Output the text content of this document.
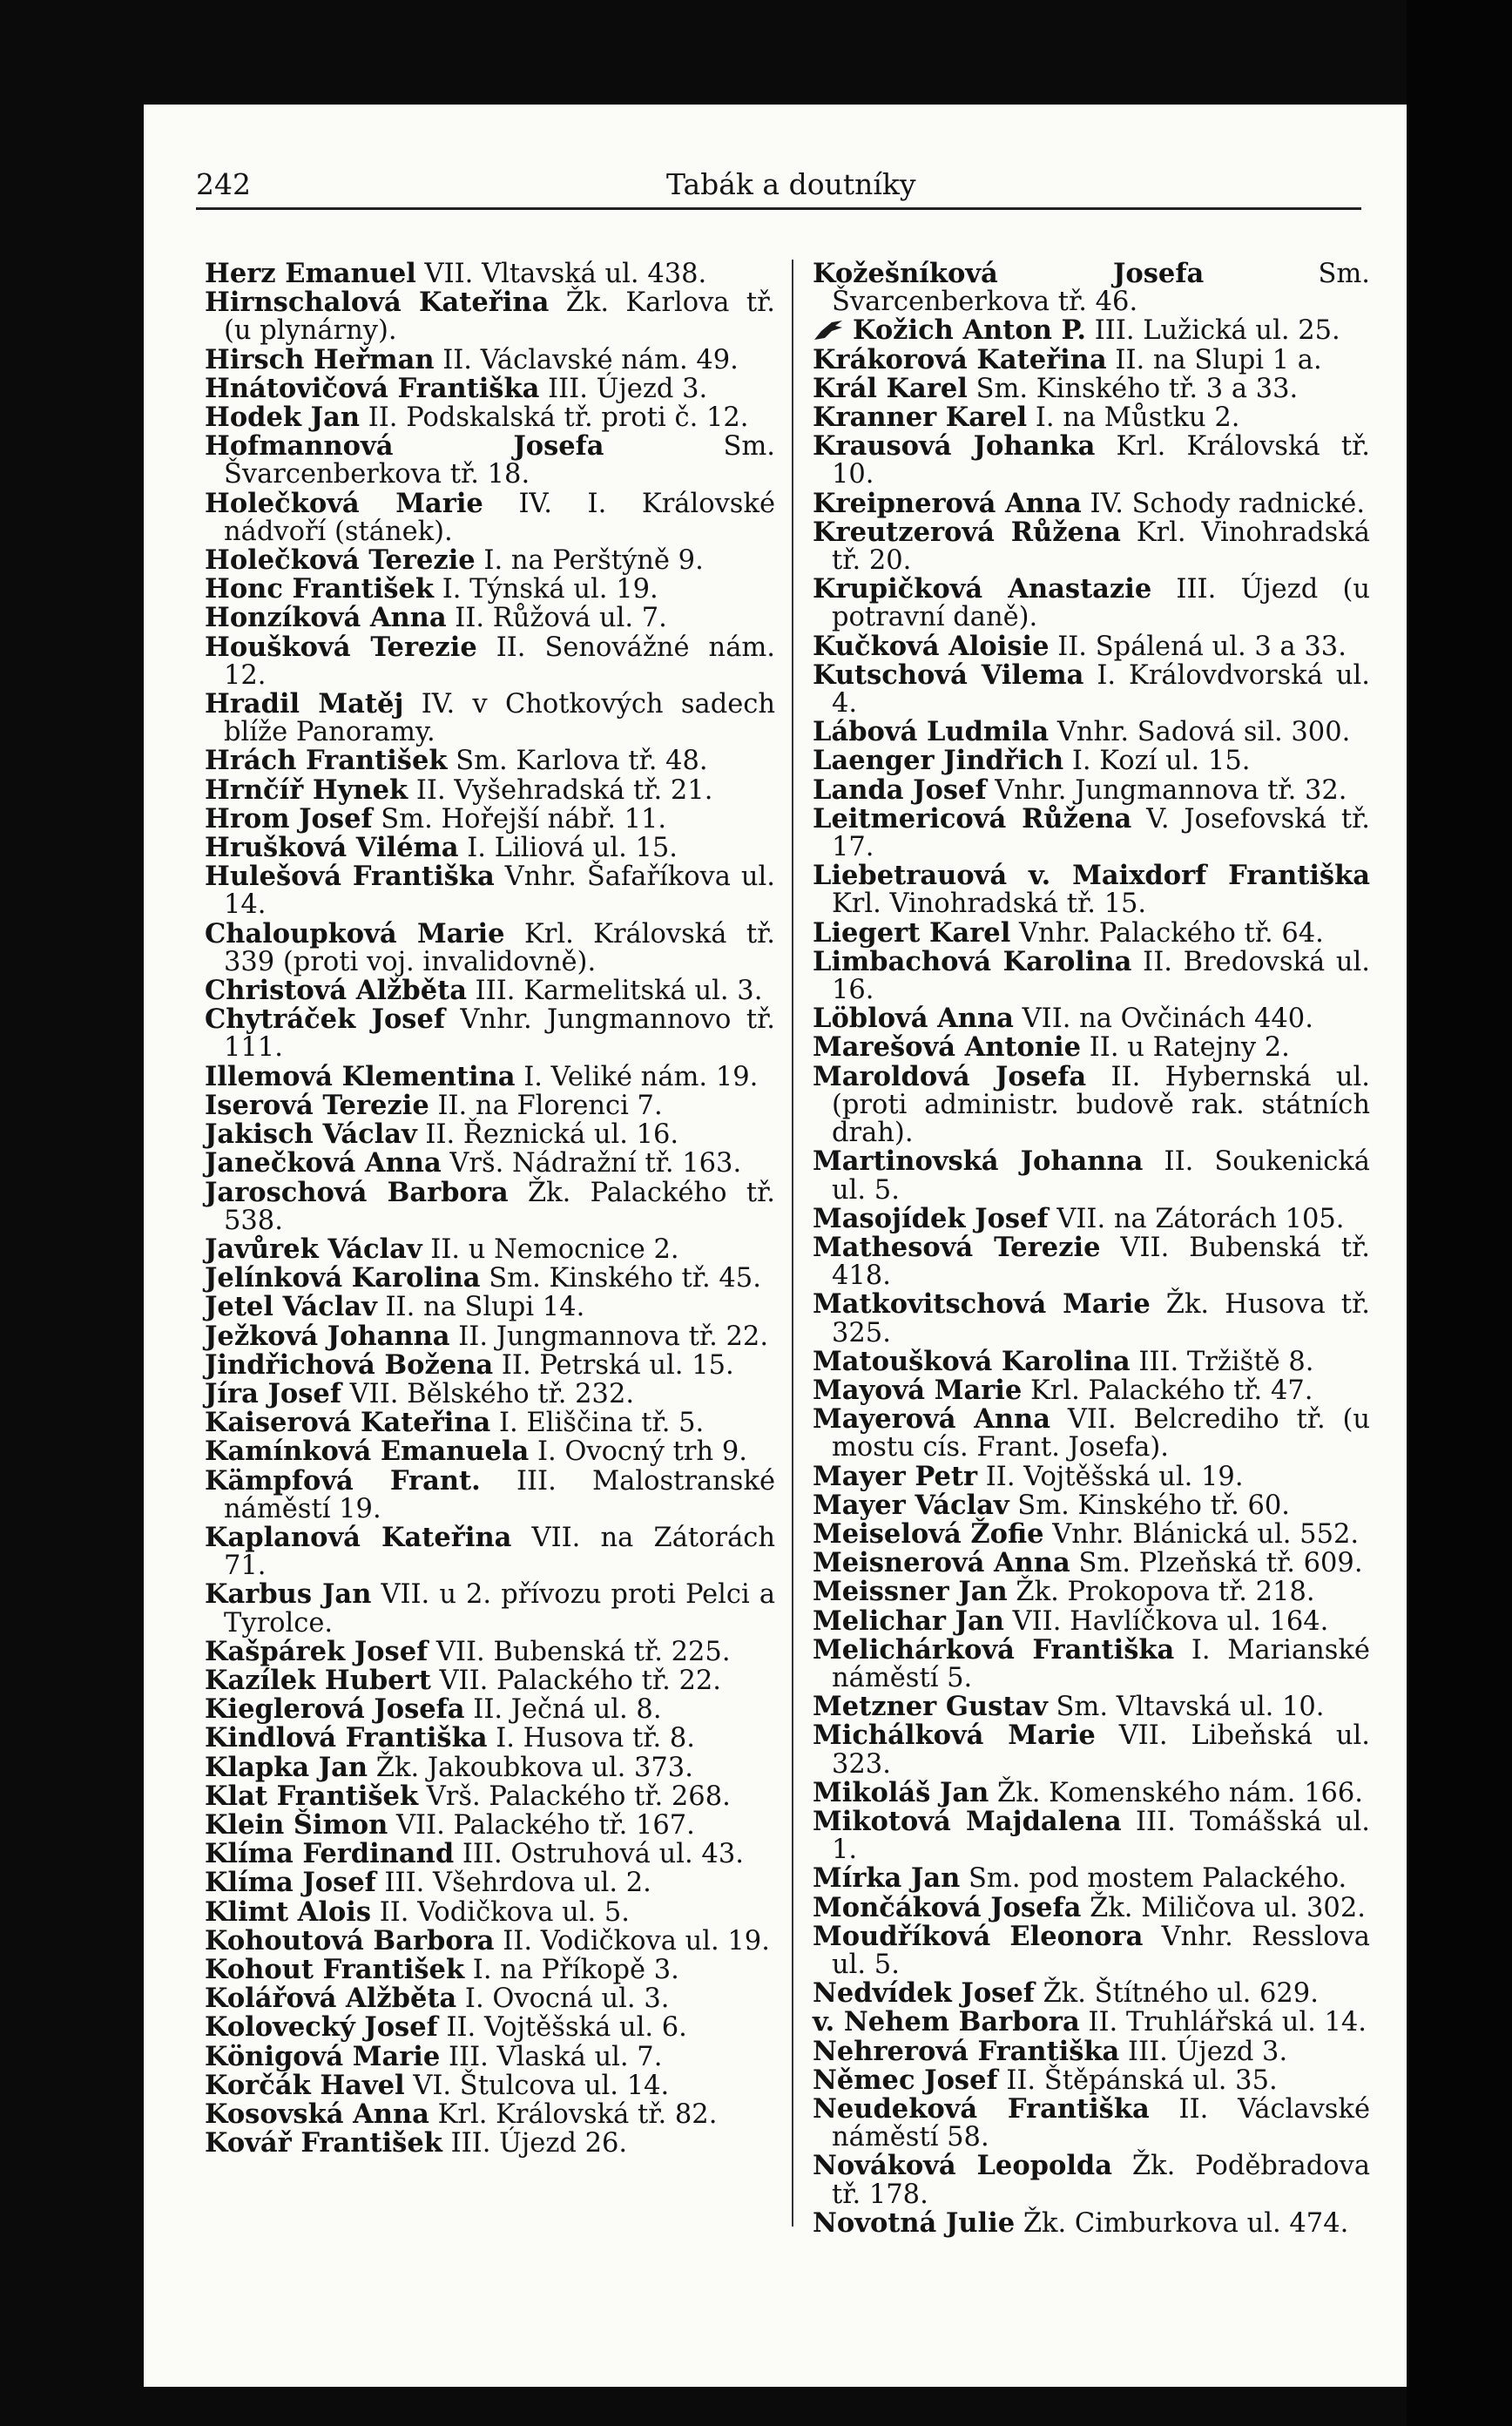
242	Tabák a doutníky

Herz Emanuel VII. Vltavská ul. 438.

Hirnschalová Kateřina Žk. Karlova tř. (u plynárny).

Hirsch Heřman II. Václavské nám. 49.

Hnátovičová Františka III. Újezd 3.

Hodek Jan II. Podskalská tř. proti č. 12.

Hofmannová Josefa Sm. Švarcenberkova tř. 18.

Holečková Marie IV. I. Královské nádvoří (stánek).

Holečková Terezie I. na Perštýně 9.

Honc František I. Týnská ul. 19.

Honzíková Anna II. Růžová ul. 7.

Houšková Terezie II. Senovážné nám. 12.

Hradil Matěj IV. v Chotkových sadech blíže Panoramy.

Hrách František Sm. Karlova tř. 48.

Hrnčíř Hynek II. Vyšehradská tř. 21.

Hrom Josef Sm. Hořejší nábř. 11.

Hrušková Viléma I. Liliová ul. 15.

Hulešová Františka Vnhr. Šafaříkova ul. 14.

Chaloupková Marie Krl. Královská tř. 339 (proti voj. invalidovně).

Christová Alžběta III. Karmelitská ul. 3.

Chytráček Josef Vnhr. Jungmannovo tř. 111.

Illemová Klementina I. Veliké nám. 19.

Iserová Terezie II. na Florenci 7.

Jakisch Václav II. Řeznická ul. 16.

Janečková Anna Vrš. Nádražní tř. 163.

Jaroschová Barbora Žk. Palackého tř. 538.

Javůrek Václav II. u Nemocnice 2.

Jelínková Karolina Sm. Kinského tř. 45.

Jetel Václav II. na Slupi 14.

Ježková Johanna II. Jungmannova tř. 22.

Jindřichová Božena II. Petrská ul. 15.

Jíra Josef VII. Bělského tř. 232.

Kaiserová Kateřina I. Eliščina tř. 5.

Kamínková Emanuela I. Ovocný trh 9.

Kämpfová Frant. III. Malostranské náměstí 19.

Kaplanová Kateřina VII. na Zátorách 71.

Karbus Jan VII. u 2. přívozu proti Pelci a Tyrolce.

Kašpárek Josef VII. Bubenská tř. 225.

Kazílek Hubert VII. Palackého tř. 22.

Kieglerová Josefa II. Ječná ul. 8.

Kindlová Františka I. Husova tř. 8.

Klapka Jan Žk. Jakoubkova ul. 373.

Klat František Vrš. Palackého tř. 268.

Klein Šimon VII. Palackého tř. 167.

Klíma Ferdinand III. Ostruhová ul. 43.

Klíma Josef III. Všehrdova ul. 2.

Klimt Alois II. Vodičkova ul. 5.

Kohoutová Barbora II. Vodičkova ul. 19.

Kohout František I. na Příkopě 3.

Kolářová Alžběta I. Ovocná ul. 3.

Kolovecký Josef II. Vojtěšská ul. 6.

Königová Marie III. Vlaská ul. 7.

Korčák Havel VI. Štulcova ul. 14.

Kosovská Anna Krl. Královská tř. 82.

Kovář František III. Újezd 26.

Kožešníková Josefa Sm. Švarcenberkova tř. 46.

Kožich Anton P. III. Lužická ul. 25.

Krákorová Kateřina II. na Slupi 1 a.

Král Karel Sm. Kinského tř. 3 a 33.

Kranner Karel I. na Můstku 2.

Krausová Johanka Krl. Královská tř. 10.

Kreipnerová Anna IV. Schody radnické.

Kreutzerová Růžena Krl. Vinohradská tř. 20.

Krupičková Anastazie III. Újezd (u potravní daně).

Kučková Aloisie II. Spálená ul. 3 a 33.

Kutschová Vilema I. Královdvorská ul. 4.

Lábová Ludmila Vnhr. Sadová sil. 300.

Laenger Jindřich I. Kozí ul. 15.

Landa Josef Vnhr. Jungmannova tř. 32.

Leitmericová Růžena V. Josefovská tř. 17.

Liebetrauová v. Maixdorf Františka Krl. Vinohradská tř. 15.

Liegert Karel Vnhr. Palackého tř. 64.

Limbachová Karolina II. Bredovská ul. 16.

Löblová Anna VII. na Ovčinách 440.

Marešová Antonie II. u Ratejny 2.

Maroldová Josefa II. Hybernská ul. (proti administr. budově rak. státních drah).

Martinovská Johanna II. Soukenická ul. 5.

Masojídek Josef VII. na Zátorách 105.

Mathesová Terezie VII. Bubenská tř. 418.

Matkovitschová Marie Žk. Husova tř. 325.

Matoušková Karolina III. Tržiště 8.

Mayová Marie Krl. Palackého tř. 47.

Mayerová Anna VII. Belcrediho tř. (u mostu cís. Frant. Josefa).

Mayer Petr II. Vojtěšská ul. 19.

Mayer Václav Sm. Kinského tř. 60.

Meiselová Žofie Vnhr. Blánická ul. 552.

Meisnerová Anna Sm. Plzeňská tř. 609.

Meissner Jan Žk. Prokopova tř. 218.

Melichar Jan VII. Havlíčkova ul. 164.

Melichárková Františka I. Marianské náměstí 5.

Metzner Gustav Sm. Vltavská ul. 10.

Michálková Marie VII. Libeňská ul. 323.

Mikoláš Jan Žk. Komenského nám. 166.

Mikotová Majdalena III. Tomášská ul. 1.

Mírka Jan Sm. pod mostem Palackého.

Mončáková Josefa Žk. Miličova ul. 302.

Moudříková Eleonora Vnhr. Resslova ul. 5.

Nedvídek Josef Žk. Štítného ul. 629.

v. Nehem Barbora II. Truhlářská ul. 14.

Nehrerová Františka III. Újezd 3.

Němec Josef II. Štěpánská ul. 35.

Neudeková Františka II. Václavské náměstí 58.

Nováková Leopolda Žk. Poděbradova tř. 178.

Novotná Julie Žk. Cimburkova ul. 474.
